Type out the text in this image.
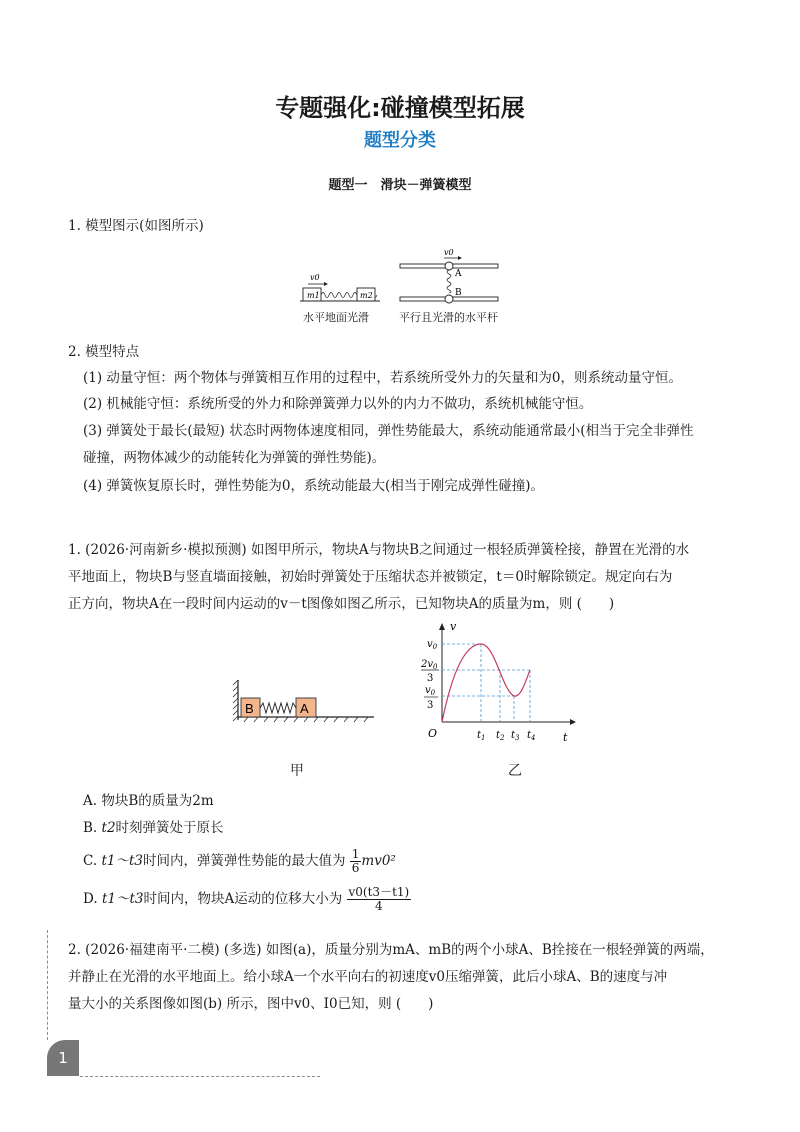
专题强化:碰撞模型拓展
题型分类
题型一　滑块－弹簧模型
1. 模型图示(如图所示)
v0
m1	m2
v0
A
B
水平地面光滑	平行且光滑的水平杆
2. 模型特点
(1) 动量守恒：两个物体与弹簧相互作用的过程中，若系统所受外力的矢量和为0，则系统动量守恒。
(2) 机械能守恒：系统所受的外力和除弹簧弹力以外的内力不做功，系统机械能守恒。
(3) 弹簧处于最长(最短) 状态时两物体速度相同，弹性势能最大，系统动能通常最小(相当于完全非弹性
碰撞，两物体减少的动能转化为弹簧的弹性势能)。
(4) 弹簧恢复原长时，弹性势能为0，系统动能最大(相当于刚完成弹性碰撞)。
1. (2026·河南新乡·模拟预测) 如图甲所示，物块A与物块B之间通过一根轻质弹簧栓接，静置在光滑的水
平地面上，物块B与竖直墙面接触，初始时弹簧处于压缩状态并被锁定，t＝0时解除锁定。规定向右为
正方向，物块A在一段时间内运动的v－t图像如图乙所示，已知物块A的质量为m，则 (　　)
B	A
甲
v
t
O
$v_0$
$2v_0$
3
$v_0$
3
$t_1$ $t_2$ $t_3$ $t_4$
乙
A. 物块B的质量为2m
B. t2时刻弹簧处于原长
C. t1～t3时间内，弹簧弹性势能的最大值为 $\frac{1}{6} mv0^2$
D. t1～t3时间内，物块A运动的位移大小为 $\frac{v0(t3-t1)}{4}$
2. (2026·福建南平·二模) (多选) 如图(a)，质量分别为mA、mB的两个小球A、B拴接在一根轻弹簧的两端，
并静止在光滑的水平地面上。给小球A一个水平向右的初速度v0压缩弹簧，此后小球A、B的速度与冲
量大小的关系图像如图(b) 所示，图中v0、I0已知，则 (　　)
1
